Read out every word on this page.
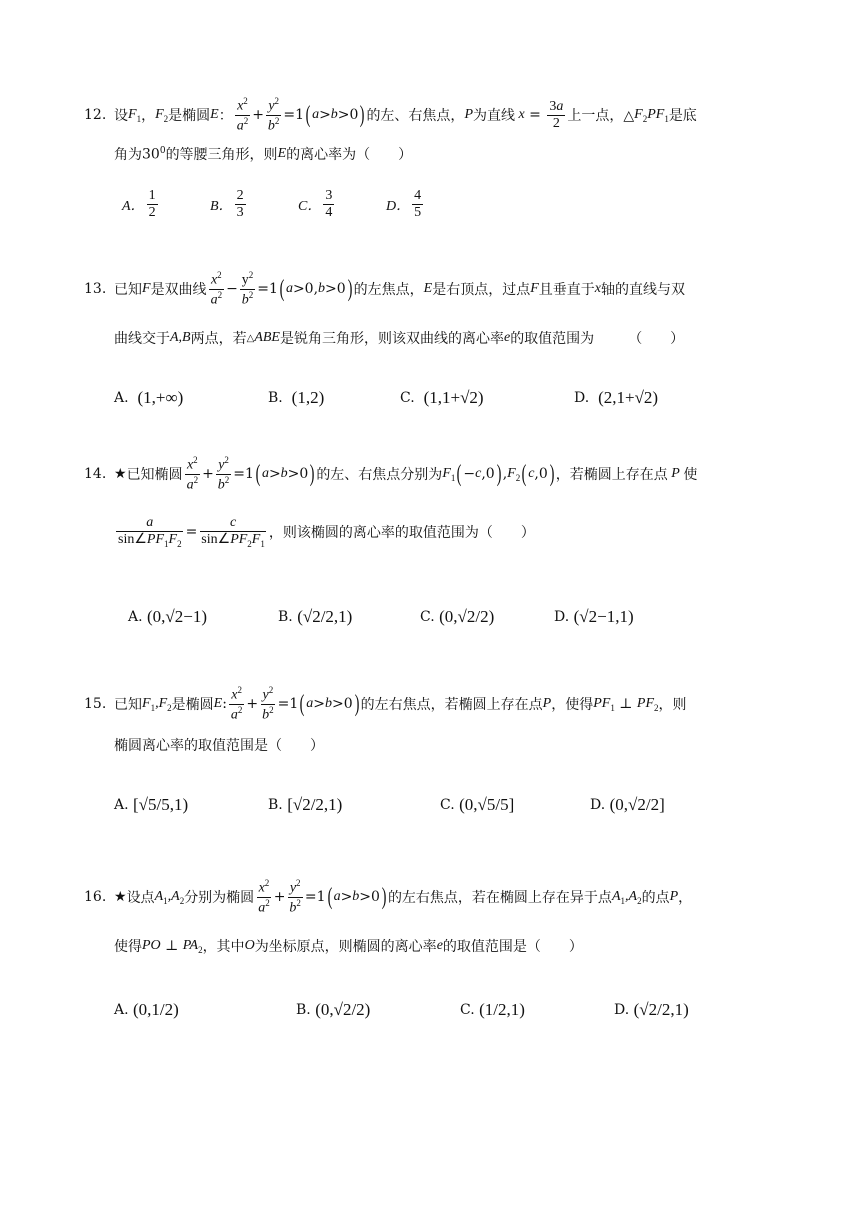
12. 设 $F_1$ ， $F_2$ 是椭圆 E ： $\frac{x^2}{a^2} + \frac{y^2}{b^2} =1$ ( a > b >0 ) 的左、右焦点， P 为直线 $x = \frac{3a}{2}$ 上一点，△ $F_2PF_1$ 是底
角为 $30^0$ 的等腰三角形，则 E 的离心率为（　　）
A． $\frac{1}{2}$	B． $\frac{2}{3}$	C． $\frac{3}{4}$	D． $\frac{4}{5}$
13. 已知 F 是双曲线 $\frac{x^2}{a^2} - \frac{y^2}{b^2} =1$ ( a >0, b >0 ) 的左焦点， E 是右顶点，过点 F 且垂直于 x 轴的直线与双
曲线交于 A,B 两点，若 △ ABE 是锐角三角形，则该双曲线的离心率 e 的取值范围为 （　　）
A.
(1,+∞)	B.
(1,2)	C.
(1,1+√2)	D.
(2,1+√2)
14. ★ 已知椭圆 $\frac{x^2}{a^2} + \frac{y^2}{b^2} =1$ ( a > b >0 ) 的左、右焦点分别为 $F_1$ ( − c ,0 ) , $F_2$ ( c ,0 ) ，若椭圆上存在点 P 使
$\frac{a}{\sin\angle PF_1F_2} = \frac{c}{\sin\angle PF_2F_1}$ ，则该椭圆的离心率的取值范围为（　　）
A.
(0,√2−1)	B.
(√2/2,1)	C.
(0,√2/2)	D.
(√2−1,1)
15. 已知 $F_1,F_2$ 是椭圆 E : $\frac{x^2}{a^2} + \frac{y^2}{b^2} =1$ ( a > b >0 ) 的左右焦点，若椭圆上存在点 P ，使得 $PF_1$ ⊥ $PF_2$ ，则
椭圆离心率的取值范围是（　　）
A.
[√5/5,1)	B.
[√2/2,1)	C.
(0,√5/5]	D.
(0,√2/2]
16. ★ 设点 $A_1,A_2$ 分别为椭圆 $\frac{x^2}{a^2} + \frac{y^2}{b^2} =1$ ( a > b >0 ) 的左右焦点，若在椭圆上存在异于点 $A_1,A_2$ 的点 P ，
使得 PO ⊥ $PA_2$ ，其中 O 为坐标原点，则椭圆的离心率 e 的取值范围是（　　）
A.
(0,1/2)	B.
(0,√2/2)	C.
(1/2,1)	D.
(√2/2,1)
